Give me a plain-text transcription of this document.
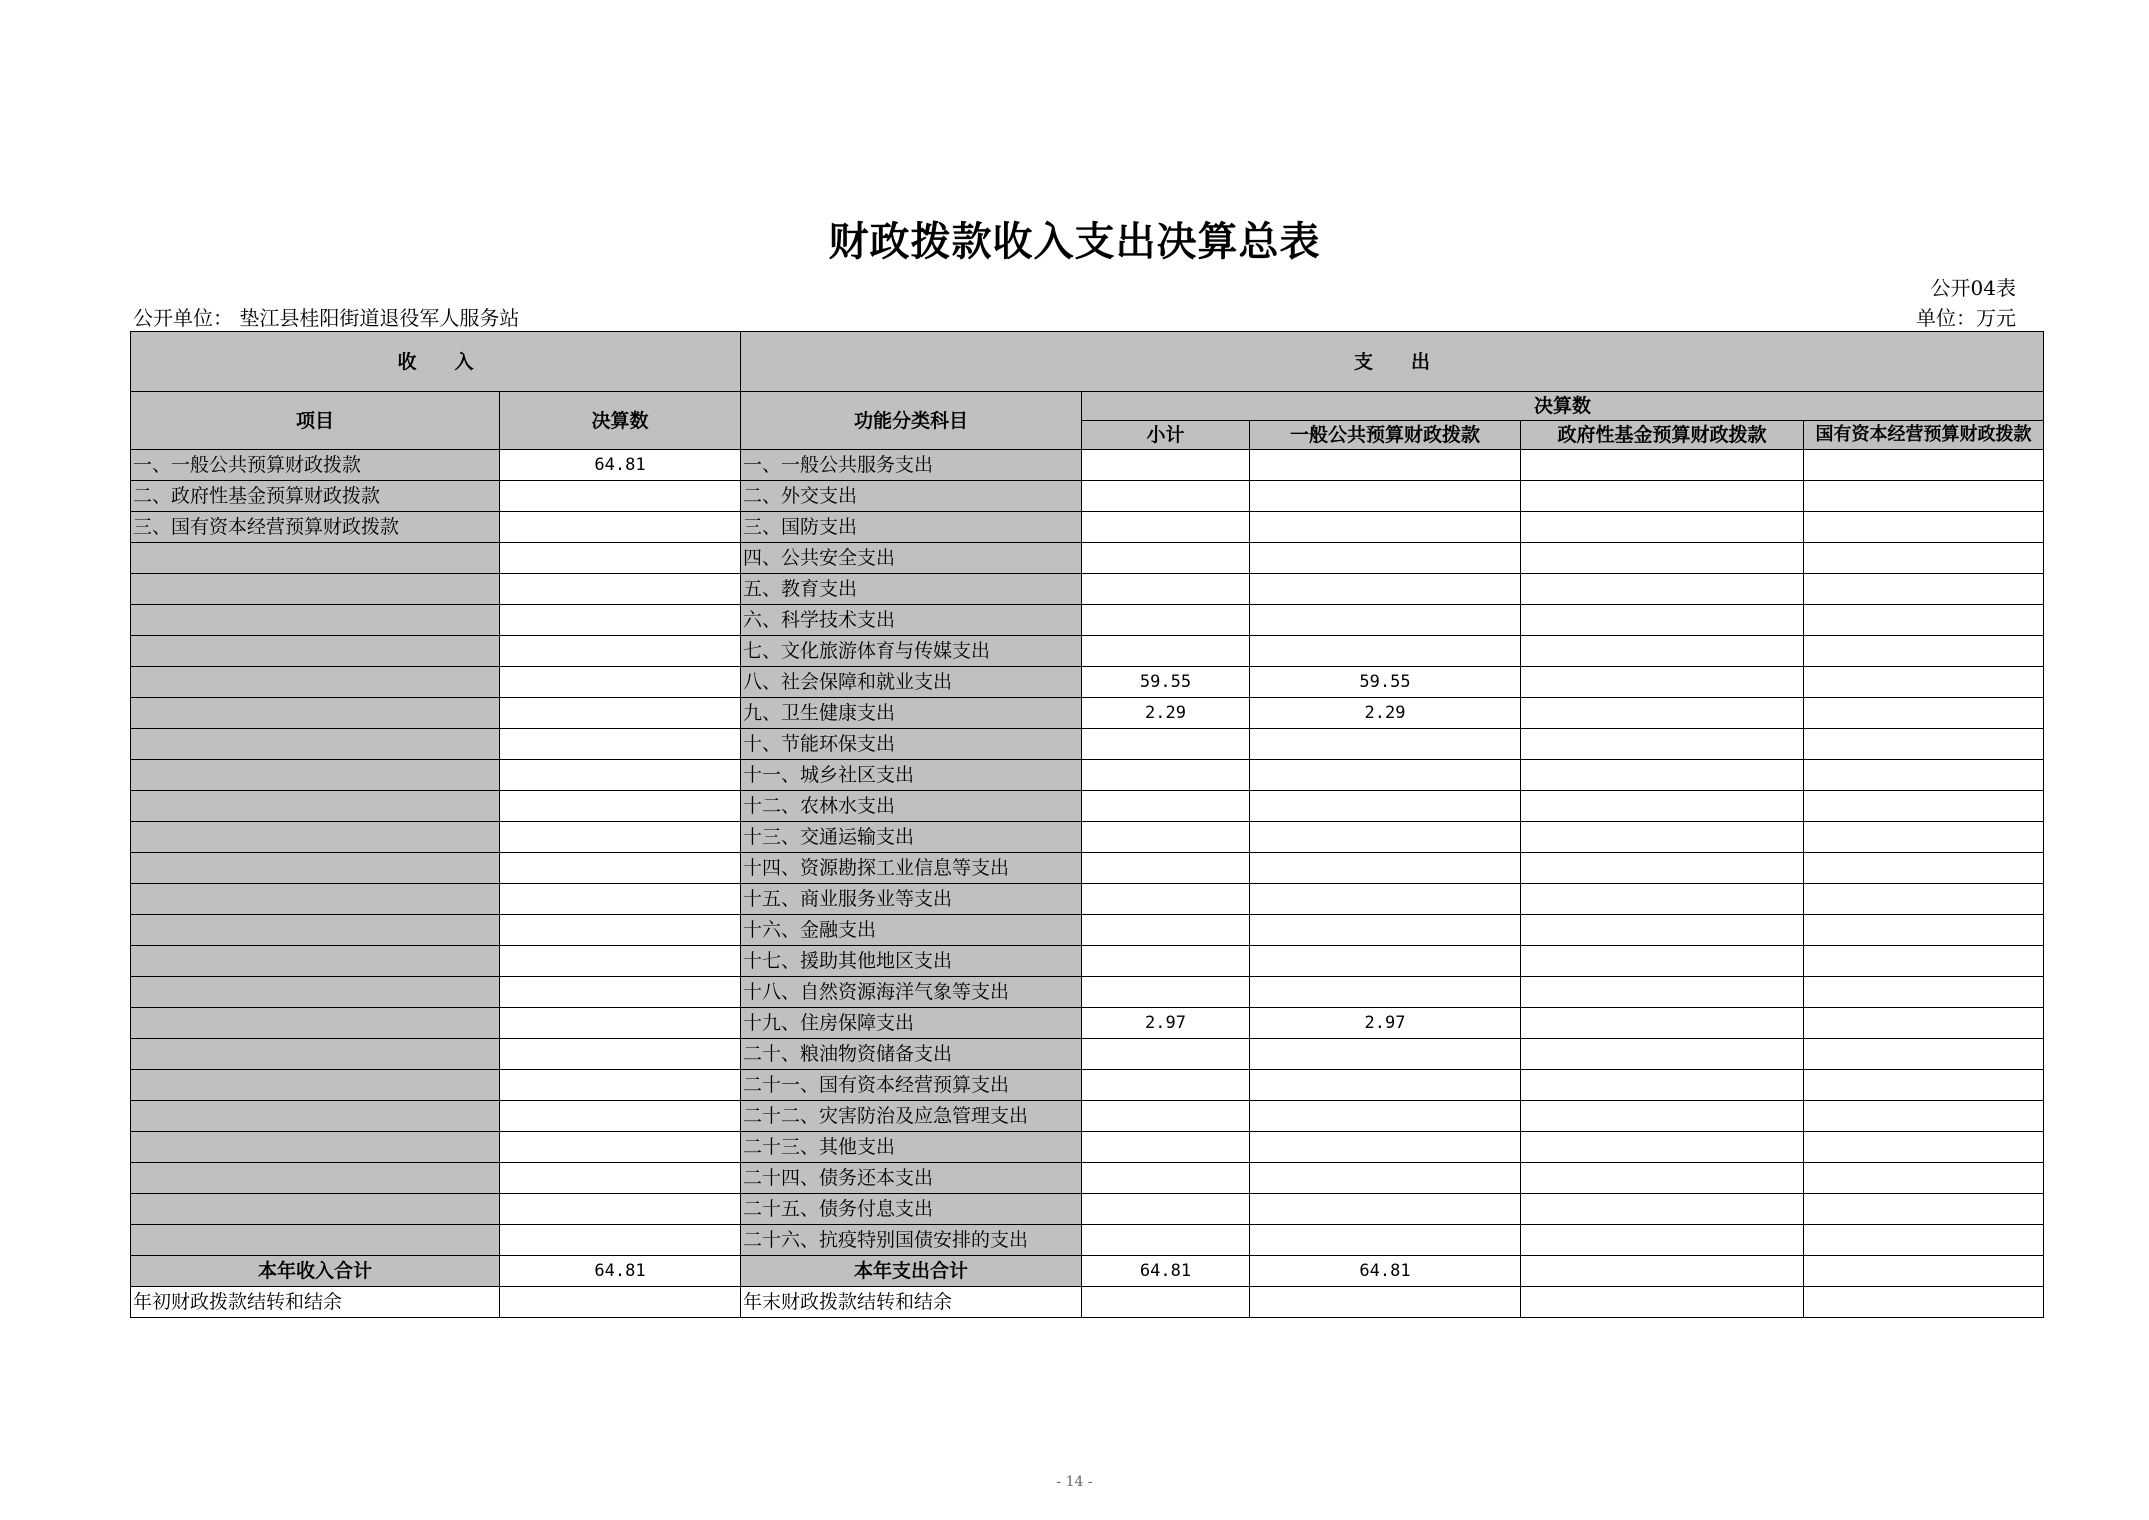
财政拨款收入支出决算总表
公开04表
公开单位： 垫江县桂阳街道退役军人服务站	单位：万元
收　　入		支　　出				
项目	决算数	功能分类科目	决算数			
			小计	一般公共预算财政拨款	政府性基金预算财政拨款	国有资本经营预算财政拨款
一、一般公共预算财政拨款	64.81	一、一般公共服务支出				
二、政府性基金预算财政拨款		二、外交支出				
三、国有资本经营预算财政拨款		三、国防支出				
		四、公共安全支出				
		五、教育支出				
		六、科学技术支出				
		七、文化旅游体育与传媒支出				
		八、社会保障和就业支出	59.55	59.55		
		九、卫生健康支出	2.29	2.29		
		十、节能环保支出				
		十一、城乡社区支出				
		十二、农林水支出				
		十三、交通运输支出				
		十四、资源勘探工业信息等支出				
		十五、商业服务业等支出				
		十六、金融支出				
		十七、援助其他地区支出				
		十八、自然资源海洋气象等支出				
		十九、住房保障支出	2.97	2.97		
		二十、粮油物资储备支出				
		二十一、国有资本经营预算支出				
		二十二、灾害防治及应急管理支出				
		二十三、其他支出				
		二十四、债务还本支出				
		二十五、债务付息支出				
		二十六、抗疫特别国债安排的支出				
本年收入合计	64.81	本年支出合计	64.81	64.81		
年初财政拨款结转和结余		年末财政拨款结转和结余				
- 14 -
